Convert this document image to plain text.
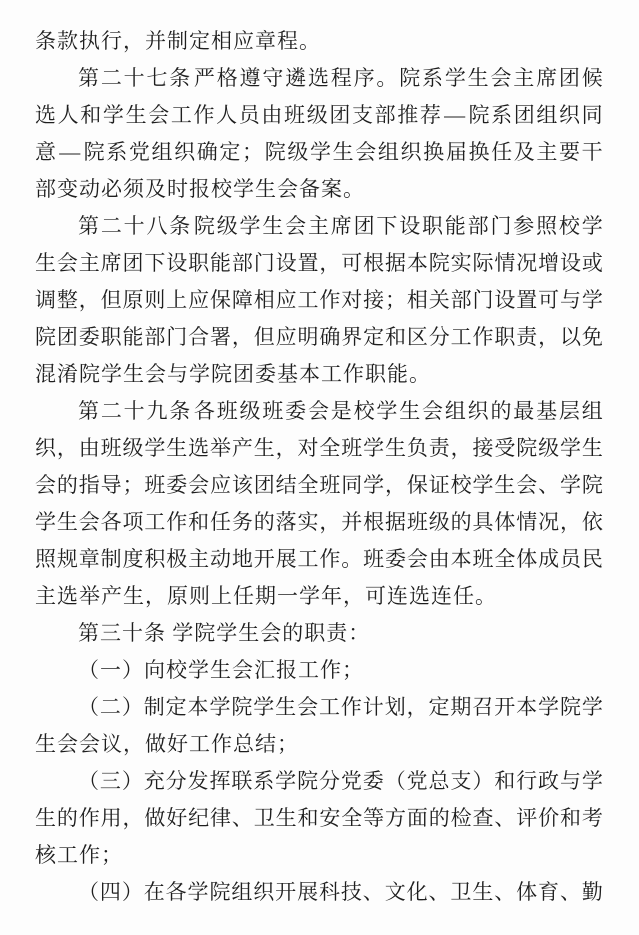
条款执行，并制定相应章程。
第 二 十 七 条 严 格 遵 守 遴 选 程 序 。 院 系 学 生 会 主 席 团 候
选 人 和 学 生 会 工 作 人 员 由 班 级 团 支 部 推 荐 — 院 系 团 组 织 同
意 — 院 系 党 组 织 确 定 ； 院 级 学 生 会 组 织 换 届 换 任 及 主 要 干
部变动必须及时报校学生会备案。
第 二 十 八 条 院 级 学 生 会 主 席 团 下 设 职 能 部 门 参 照 校 学
生 会 主 席 团 下 设 职 能 部 门 设 置 ， 可 根 据 本 院 实 际 情 况 增 设 或
调 整 ， 但 原 则 上 应 保 障 相 应 工 作 对 接 ； 相 关 部 门 设 置 可 与 学
院 团 委 职 能 部 门 合 署 ， 但 应 明 确 界 定 和 区 分 工 作 职 责 ， 以 免
混淆院学生会与学院团委基本工作职能。
第 二 十 九 条 各 班 级 班 委 会 是 校 学 生 会 组 织 的 最 基 层 组
织 ， 由 班 级 学 生 选 举 产 生 ， 对 全 班 学 生 负 责 ， 接 受 院 级 学 生
会 的 指 导 ； 班 委 会 应 该 团 结 全 班 同 学 ， 保 证 校 学 生 会 、 学 院
学 生 会 各 项 工 作 和 任 务 的 落 实 ， 并 根 据 班 级 的 具 体 情 况 ， 依
照 规 章 制 度 积 极 主 动 地 开 展 工 作 。 班 委 会 由 本 班 全 体 成 员 民
主选举产生，原则上任期一学年，可连选连任。
第三十条 学院学生会的职责：
（一）向校学生会汇报工作；
（ 二 ） 制 定 本 学 院 学 生 会 工 作 计 划 ， 定 期 召 开 本 学 院 学
生会会议，做好工作总结；
（ 三 ） 充 分 发 挥 联 系 学 院 分 党 委 （ 党 总 支 ） 和 行 政 与 学
生 的 作 用 ， 做 好 纪 律 、 卫 生 和 安 全 等 方 面 的 检 查 、 评 价 和 考
核工作；
（ 四 ） 在 各 学 院 组 织 开 展 科 技 、 文 化 、 卫 生 、 体 育 、 勤
